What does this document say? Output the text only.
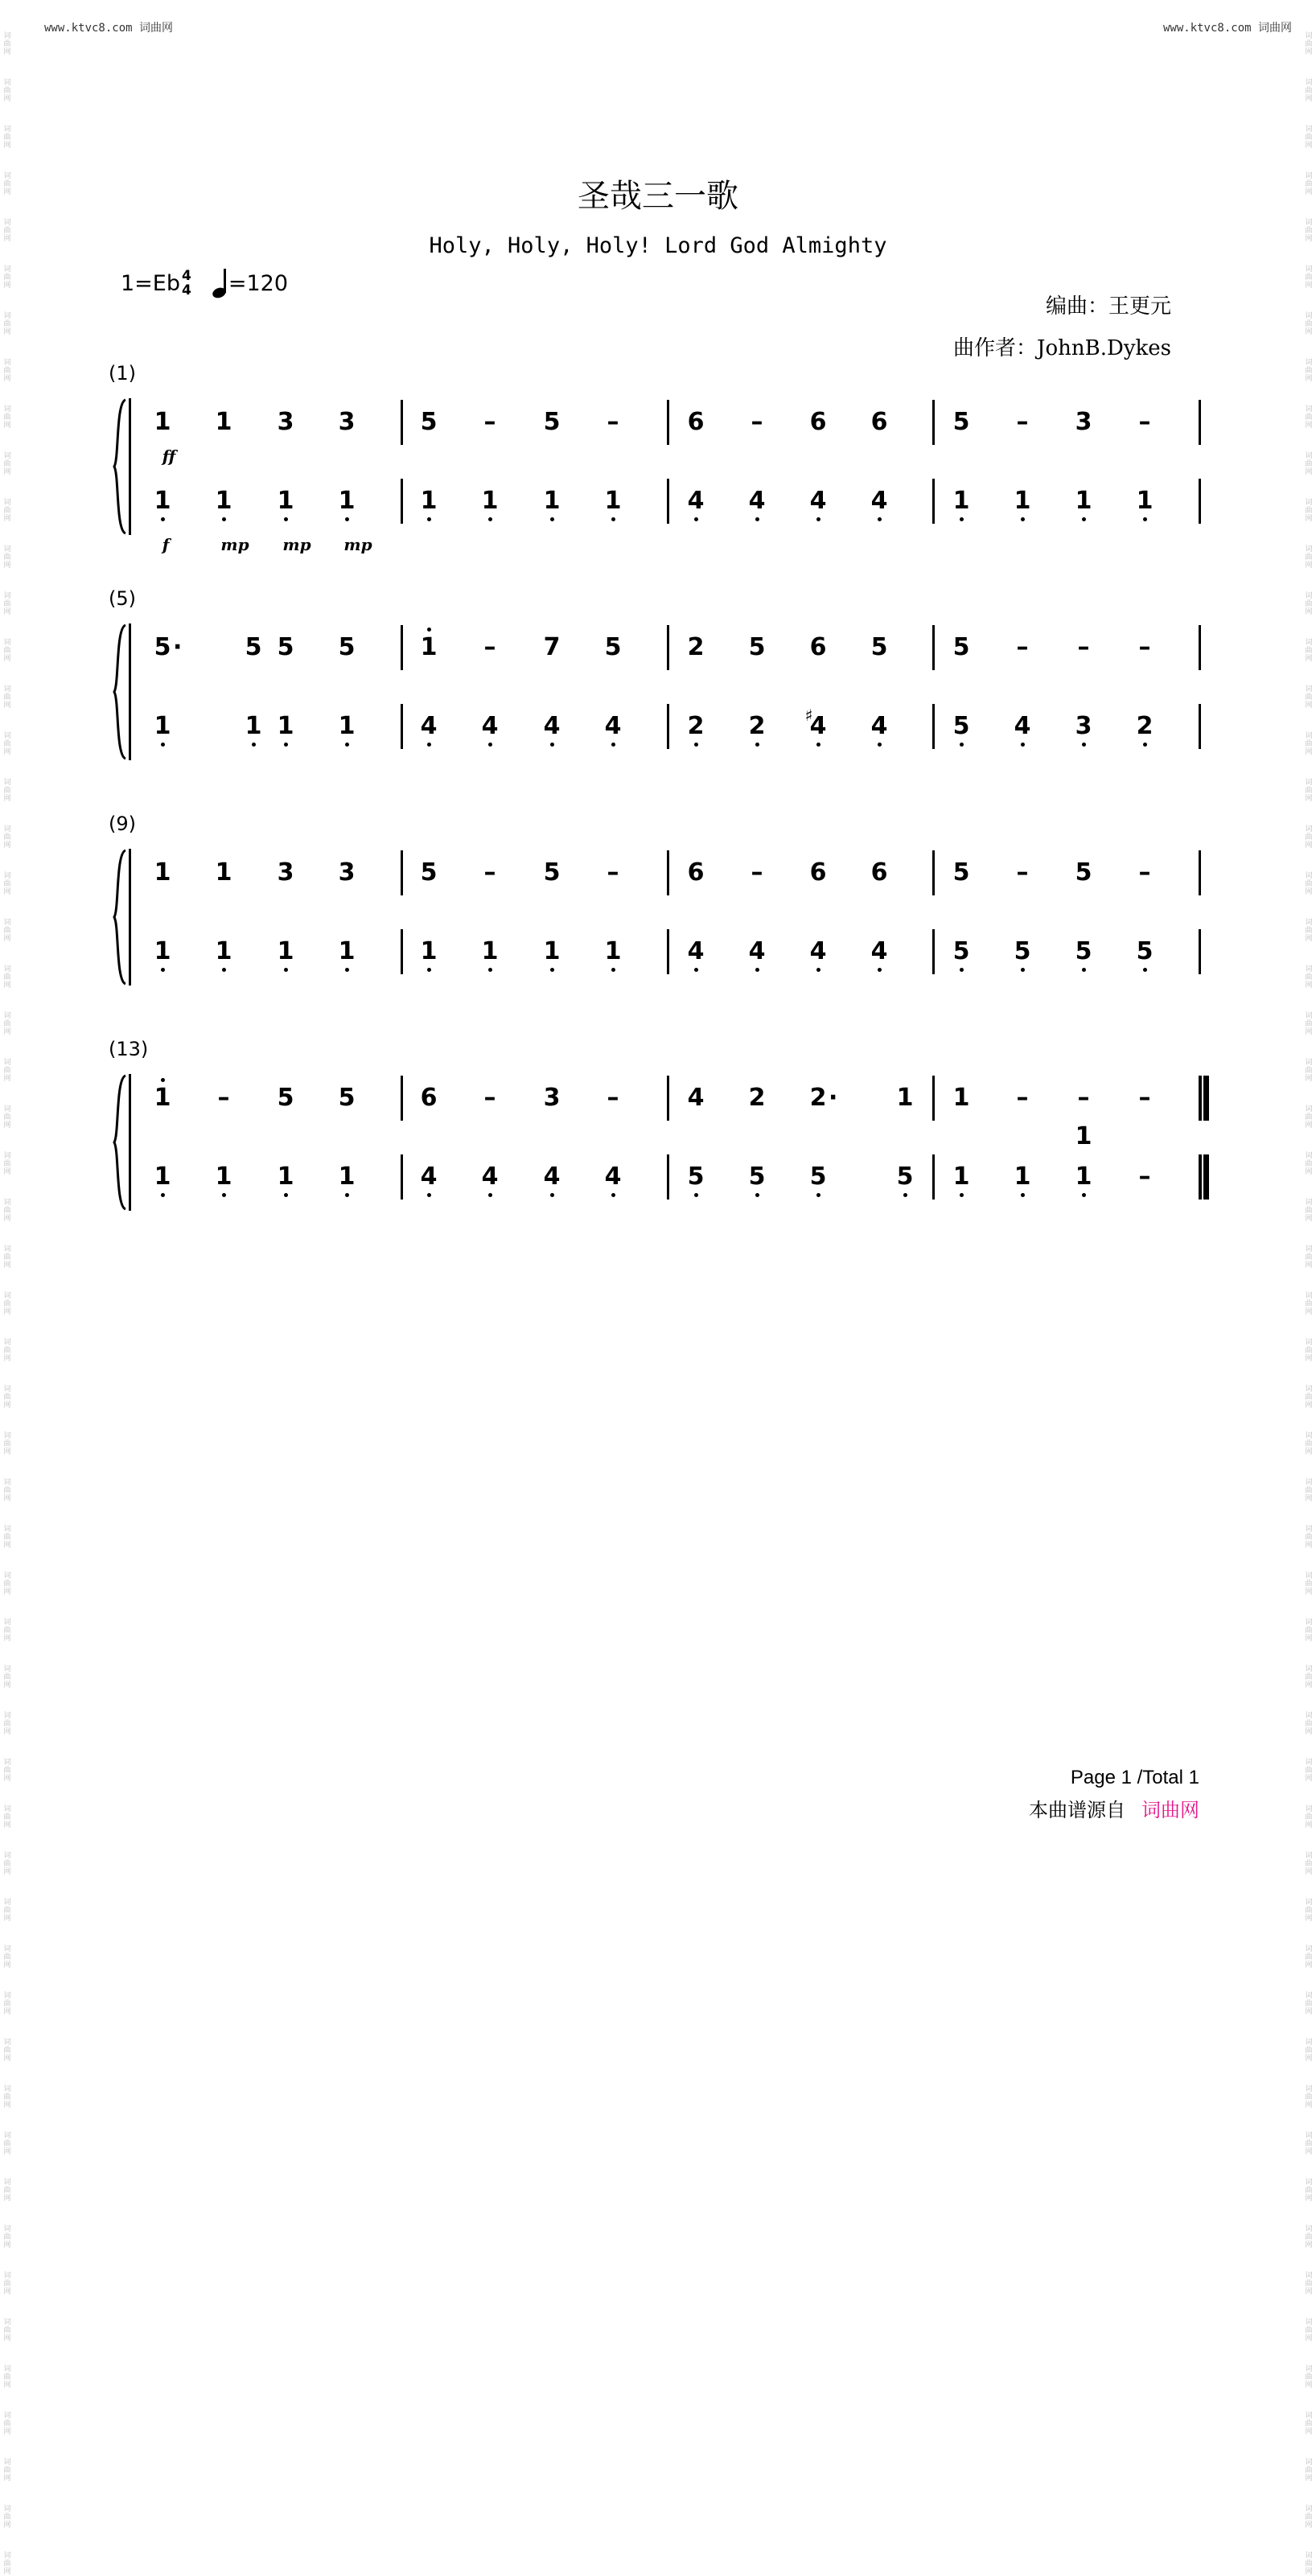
www.ktvc8.com 词曲网	www.ktvc8.com 词曲网
词曲网
词曲网
词曲网
词曲网
词曲网
词曲网
词曲网
词曲网
词曲网
词曲网
词曲网
词曲网
词曲网
词曲网
词曲网
词曲网
词曲网
词曲网
词曲网
词曲网
词曲网
词曲网
词曲网
词曲网
词曲网
词曲网
词曲网
词曲网
词曲网
词曲网
词曲网
词曲网
词曲网
词曲网
词曲网
词曲网
词曲网
词曲网
词曲网
词曲网
词曲网
词曲网
词曲网
词曲网
词曲网
词曲网
词曲网
词曲网
词曲网
词曲网
词曲网
词曲网
词曲网
词曲网
词曲网
词曲网
词曲网
词曲网
词曲网
词曲网
词曲网
词曲网
词曲网
词曲网
词曲网
词曲网
词曲网
词曲网
词曲网
词曲网
词曲网
词曲网
词曲网
词曲网
词曲网
词曲网
词曲网
词曲网
词曲网
词曲网
词曲网
词曲网
词曲网
词曲网
词曲网
词曲网
词曲网
词曲网
词曲网
词曲网
词曲网
词曲网
词曲网
词曲网
词曲网
词曲网
词曲网
词曲网
词曲网
词曲网
词曲网
词曲网
词曲网
词曲网
词曲网
词曲网
词曲网
词曲网
词曲网
词曲网
圣哉三一歌
Holy, Holy, Holy! Lord God Almighty
1=Eb 4
4 =120
编曲：王更元
曲作者：JohnB.Dykes
(1)
1	1	3	3	5	–	5	–	6	–	6	6	5	–	3	–
1	1	1	1	1	1	1	1	4	4	4	4	1	1	1	1
ff
f	mp	mp	mp
(5)
5 ·	5 5	5	1	–	7	5	2	5	6	5	5	–	–	–
1	1 1	1	4	4	4	4	2	2	4
♯	4	5	4	3	2
(9)
1	1	3	3	5	–	5	–	6	–	6	6	5	–	5	–
1	1	1	1	1	1	1	1	4	4	4	4	5	5	5	5
(13)
1	–	5	5	6	–	3	–	4	2	2 ·	1	1	–	–	–
1	1	1	1	4	4	4	4	5	5	5	5	1	1	1	–
1
Page 1 /Total 1
本曲谱源自 词曲网
